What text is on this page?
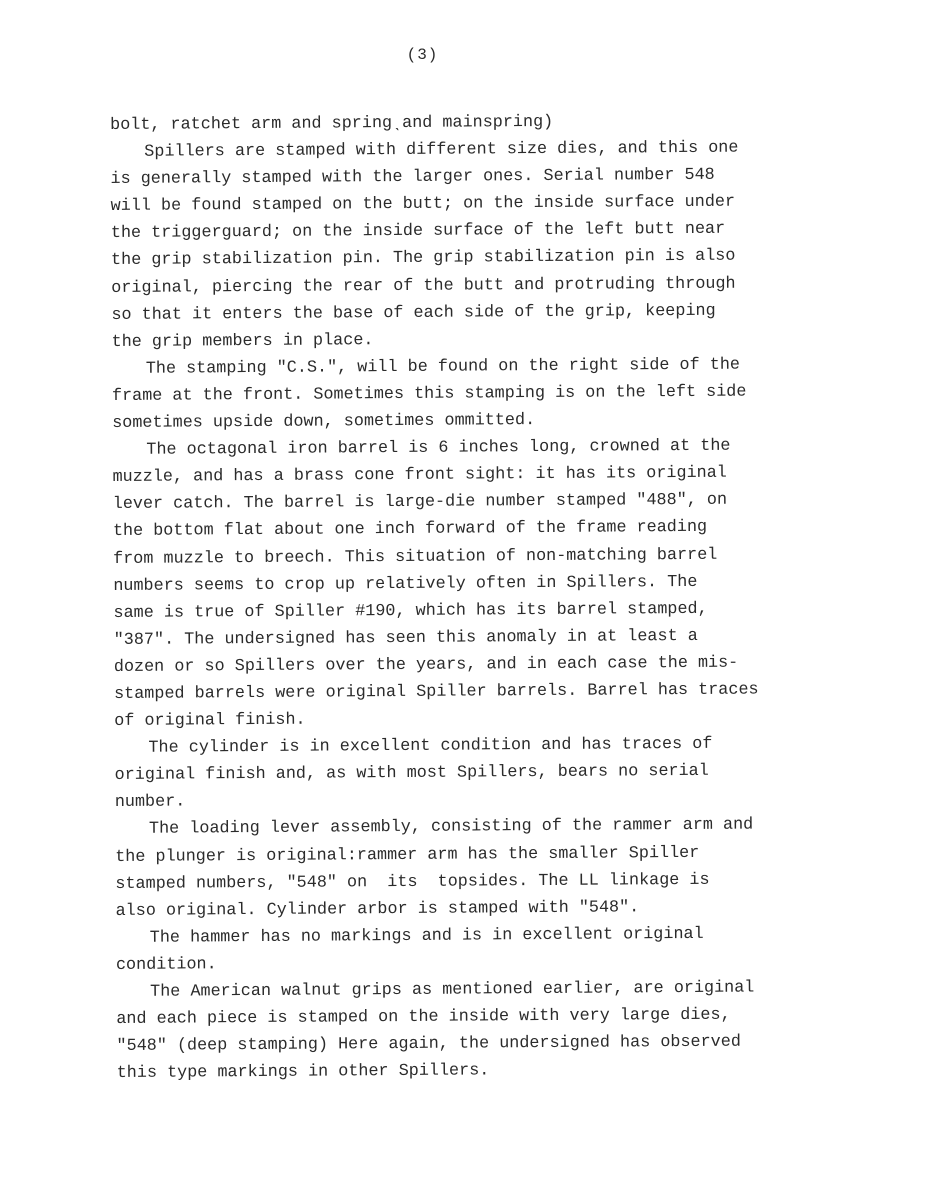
(3)
bolt, ratchet arm and springˎand mainspring)
Spillers are stamped with different size dies, and this one
is generally stamped with the larger ones. Serial number 548
will be found stamped on the butt; on the inside surface under
the triggerguard; on the inside surface of the left butt near
the grip stabilization pin. The grip stabilization pin is also
original, piercing the rear of the butt and protruding through
so that it enters the base of each side of the grip, keeping
the grip members in place.
The stamping "C.S.", will be found on the right side of the
frame at the front. Sometimes this stamping is on the left side
sometimes upside down, sometimes ommitted.
The octagonal iron barrel is 6 inches long, crowned at the
muzzle, and has a brass cone front sight: it has its original
lever catch. The barrel is large-die number stamped "488", on
the bottom flat about one inch forward of the frame reading
from muzzle to breech. This situation of non-matching barrel
numbers seems to crop up relatively often in Spillers. The
same is true of Spiller #190, which has its barrel stamped,
"387". The undersigned has seen this anomaly in at least a
dozen or so Spillers over the years, and in each case the mis-
stamped barrels were original Spiller barrels. Barrel has traces
of original finish.
The cylinder is in excellent condition and has traces of
original finish and, as with most Spillers, bears no serial
number.
The loading lever assembly, consisting of the rammer arm and
the plunger is original:rammer arm has the smaller Spiller
stamped numbers, "548" on  its  topsides. The LL linkage is
also original. Cylinder arbor is stamped with "548".
The hammer has no markings and is in excellent original
condition.
The American walnut grips as mentioned earlier, are original
and each piece is stamped on the inside with very large dies,
"548" (deep stamping) Here again, the undersigned has observed
this type markings in other Spillers.
